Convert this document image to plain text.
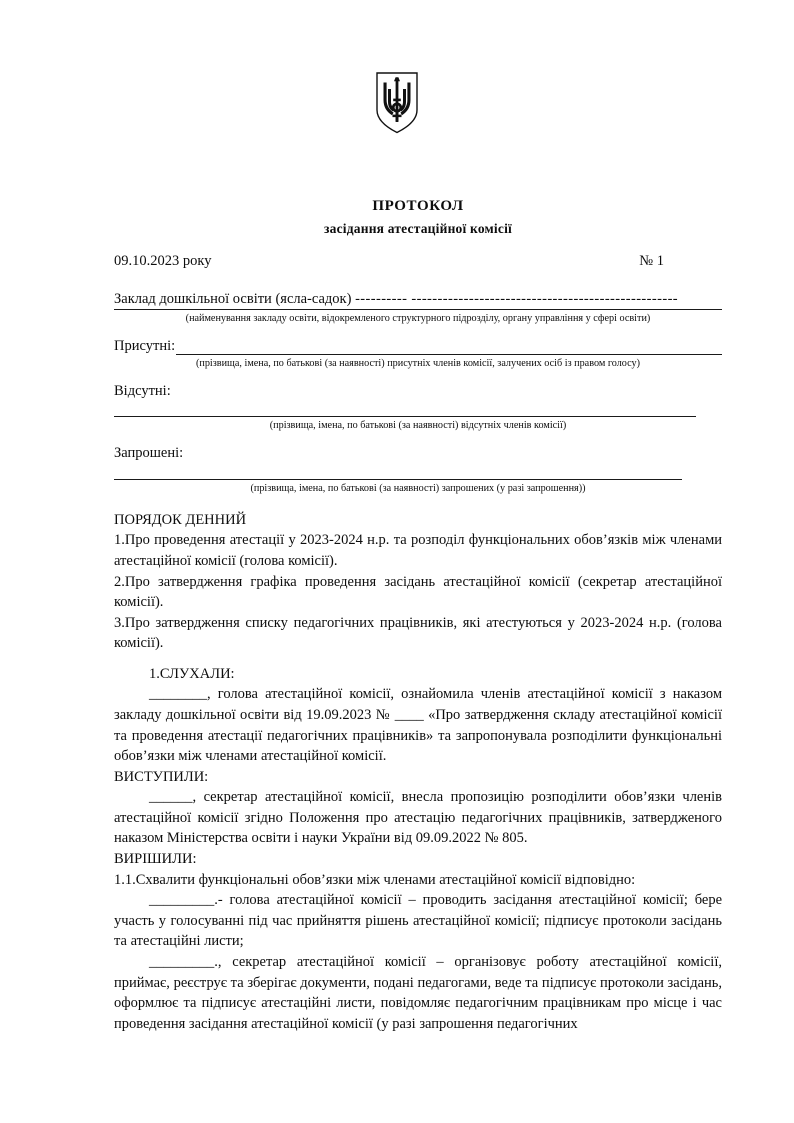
ПРОТОКОЛ
засідання атестаційної комісії
09.10.2023 року	№ 1
Заклад дошкільної освіти (ясла-садок) ---------- ---------------------------------------------------
(найменування закладу освіти, відокремленого структурного підрозділу, органу управління у сфері освіти)
Присутні:
(прізвища, імена, по батькові (за наявності) присутніх членів комісії, залучених осіб із правом голосу)
Відсутні:
(прізвища, імена, по батькові (за наявності) відсутніх членів комісії)
Запрошені:
(прізвища, імена, по батькові (за наявності) запрошених (у разі запрошення))

ПОРЯДОК ДЕННИЙ

1.Про проведення атестації у 2023-2024 н.р. та розподіл функціональних обов’язків між членами атестаційної комісії (голова комісії).

2.Про затвердження графіка проведення засідань атестаційної комісії (секретар атестаційної комісії).

3.Про затвердження списку педагогічних працівників, які атестуються у 2023-2024 н.р. (голова комісії).

1.СЛУХАЛИ:

________, голова атестаційної комісії, ознайомила членів атестаційної комісії з наказом закладу дошкільної освіти від 19.09.2023 № ____ «Про затвердження складу атестаційної комісії та проведення атестації педагогічних працівників» та запропонувала розподілити функціональні обов’язки між членами атестаційної комісії.

ВИСТУПИЛИ:

______, секретар атестаційної комісії, внесла пропозицію розподілити обов’язки членів атестаційної комісії згідно Положення про атестацію педагогічних працівників, затвердженого наказом Міністерства освіти і науки України від 09.09.2022 № 805.

ВИРІШИЛИ:

1.1.Схвалити функціональні обов’язки між членами атестаційної комісії відповідно:

_________.- голова атестаційної комісії – проводить засідання атестаційної комісії; бере участь у голосуванні під час прийняття рішень атестаційної комісії; підписує протоколи засідань та атестаційні листи;

_________., секретар атестаційної комісії – організовує роботу атестаційної комісії, приймає, реєструє та зберігає документи, подані педагогами, веде та підписує протоколи засідань, оформлює та підписує атестаційні листи, повідомляє педагогічним працівникам про місце і час проведення засідання атестаційної комісії (у разі запрошення педагогічних
